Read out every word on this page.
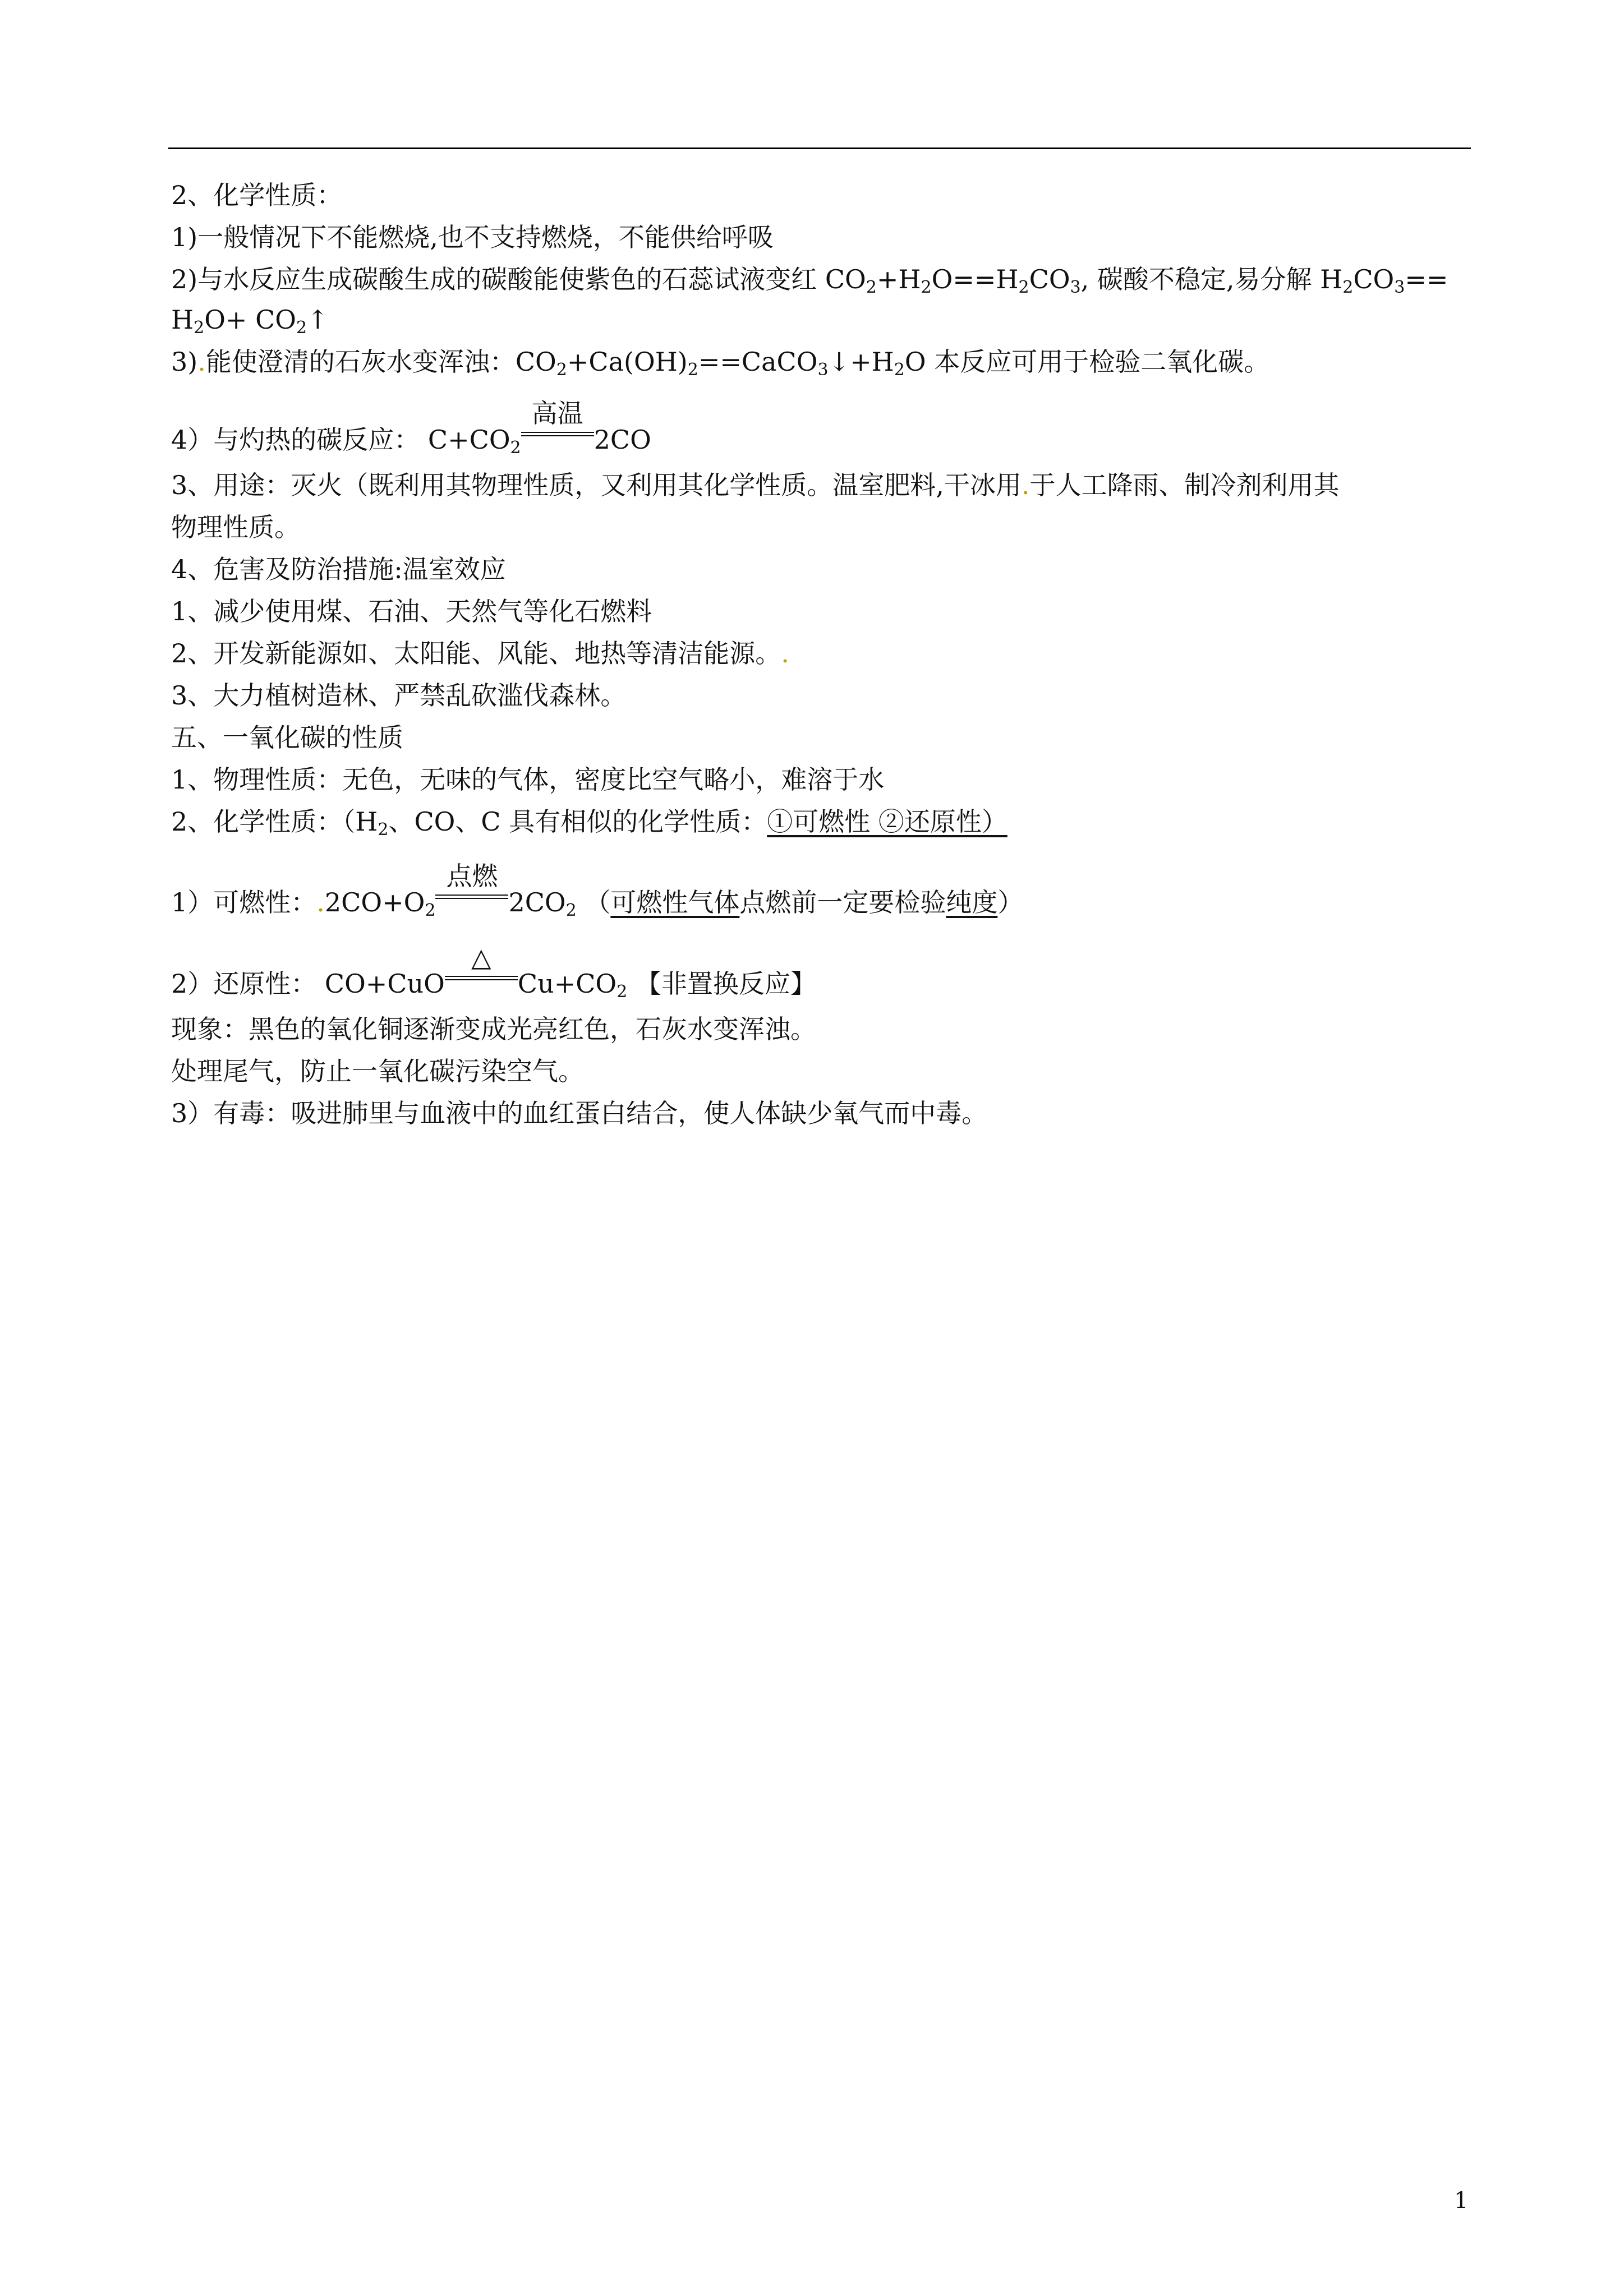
2、化学性质：
1)一般情况下不能燃烧,也不支持燃烧，不能供给呼吸
2)与水反应生成碳酸生成的碳酸能使紫色的石蕊试液变红 $CO_2+H_2O==H_2CO_3$, 碳酸不稳定,易分解 $H_2CO_3==$
$H_2O+$ $CO_2↑$
3).能使澄清的石灰水变浑浊：$CO_2+Ca(OH)_2==CaCO_3↓+H_2O$ 本反应可用于检验二氧化碳。
4）与灼热的碳反应： $C+CO_2$
高温
2CO
3、用途：灭火（既利用其物理性质，又利用其化学性质。温室肥料,干冰用.于人工降雨、制冷剂利用其
物理性质。
4、危害及防治措施:温室效应
1、减少使用煤、石油、天然气等化石燃料
2、开发新能源如、太阳能、风能、地热等清洁能源。.
3、大力植树造林、严禁乱砍滥伐森林。
五、一氧化碳的性质
1、物理性质：无色，无味的气体，密度比空气略小，难溶于水
2、化学性质：（$H_2$、CO、C 具有相似的化学性质：①可燃性 ②还原性）
1）可燃性：$.2CO+O_2$
点燃
$2CO_2$ （可燃性气体点燃前一定要检验纯度）
2）还原性： CO+CuO
△
$Cu+CO_2$ 【非置换反应】
现象：黑色的氧化铜逐渐变成光亮红色，石灰水变浑浊。
处理尾气，防止一氧化碳污染空气。
3）有毒：吸进肺里与血液中的血红蛋白结合，使人体缺少氧气而中毒。
1
